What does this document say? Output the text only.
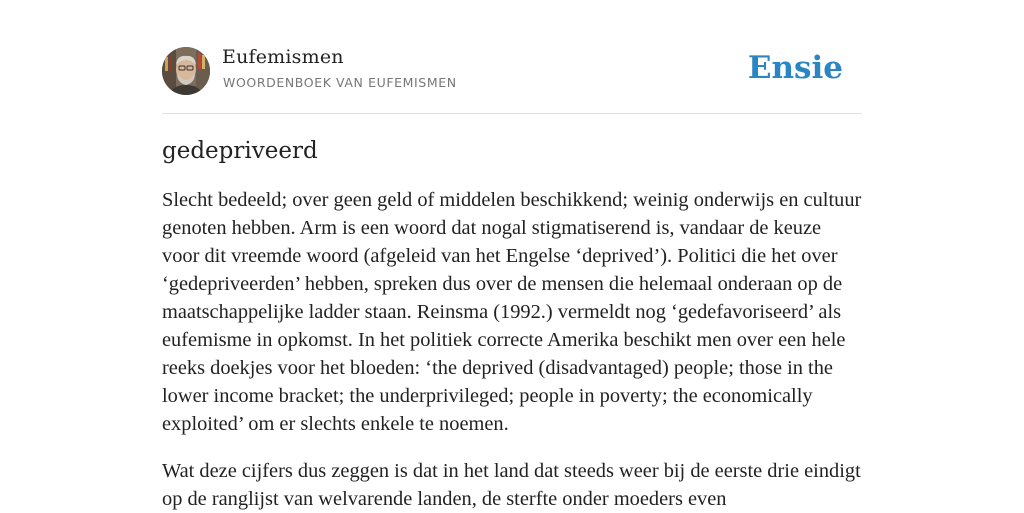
Eufemismen
WOORDENBOEK VAN EUFEMISMEN	Ensie
gedepriveerd

Slecht bedeeld; over geen geld of middelen beschikkend; weinig onderwijs en cultuur genoten hebben. Arm is een woord dat nogal stigmatiserend is, vandaar de keuze voor dit vreemde woord (afgeleid van het Engelse ‘deprived’). Politici die het over ‘gedepriveerden’ hebben, spreken dus over de mensen die helemaal onderaan op de maatschappelijke ladder staan. Reinsma (1992.) vermeldt nog ‘gedefavoriseerd’ als eufemisme in opkomst. In het politiek correcte Amerika beschikt men over een hele reeks doekjes voor het bloeden: ‘the deprived (disadvantaged) people; those in the lower income bracket; the underprivileged; people in poverty; the economically exploited’ om er slechts enkele te noemen.

Wat deze cijfers dus zeggen is dat in het land dat steeds weer bij de eerste drie eindigt op de ranglijst van welvarende landen, de sterfte onder moeders even
